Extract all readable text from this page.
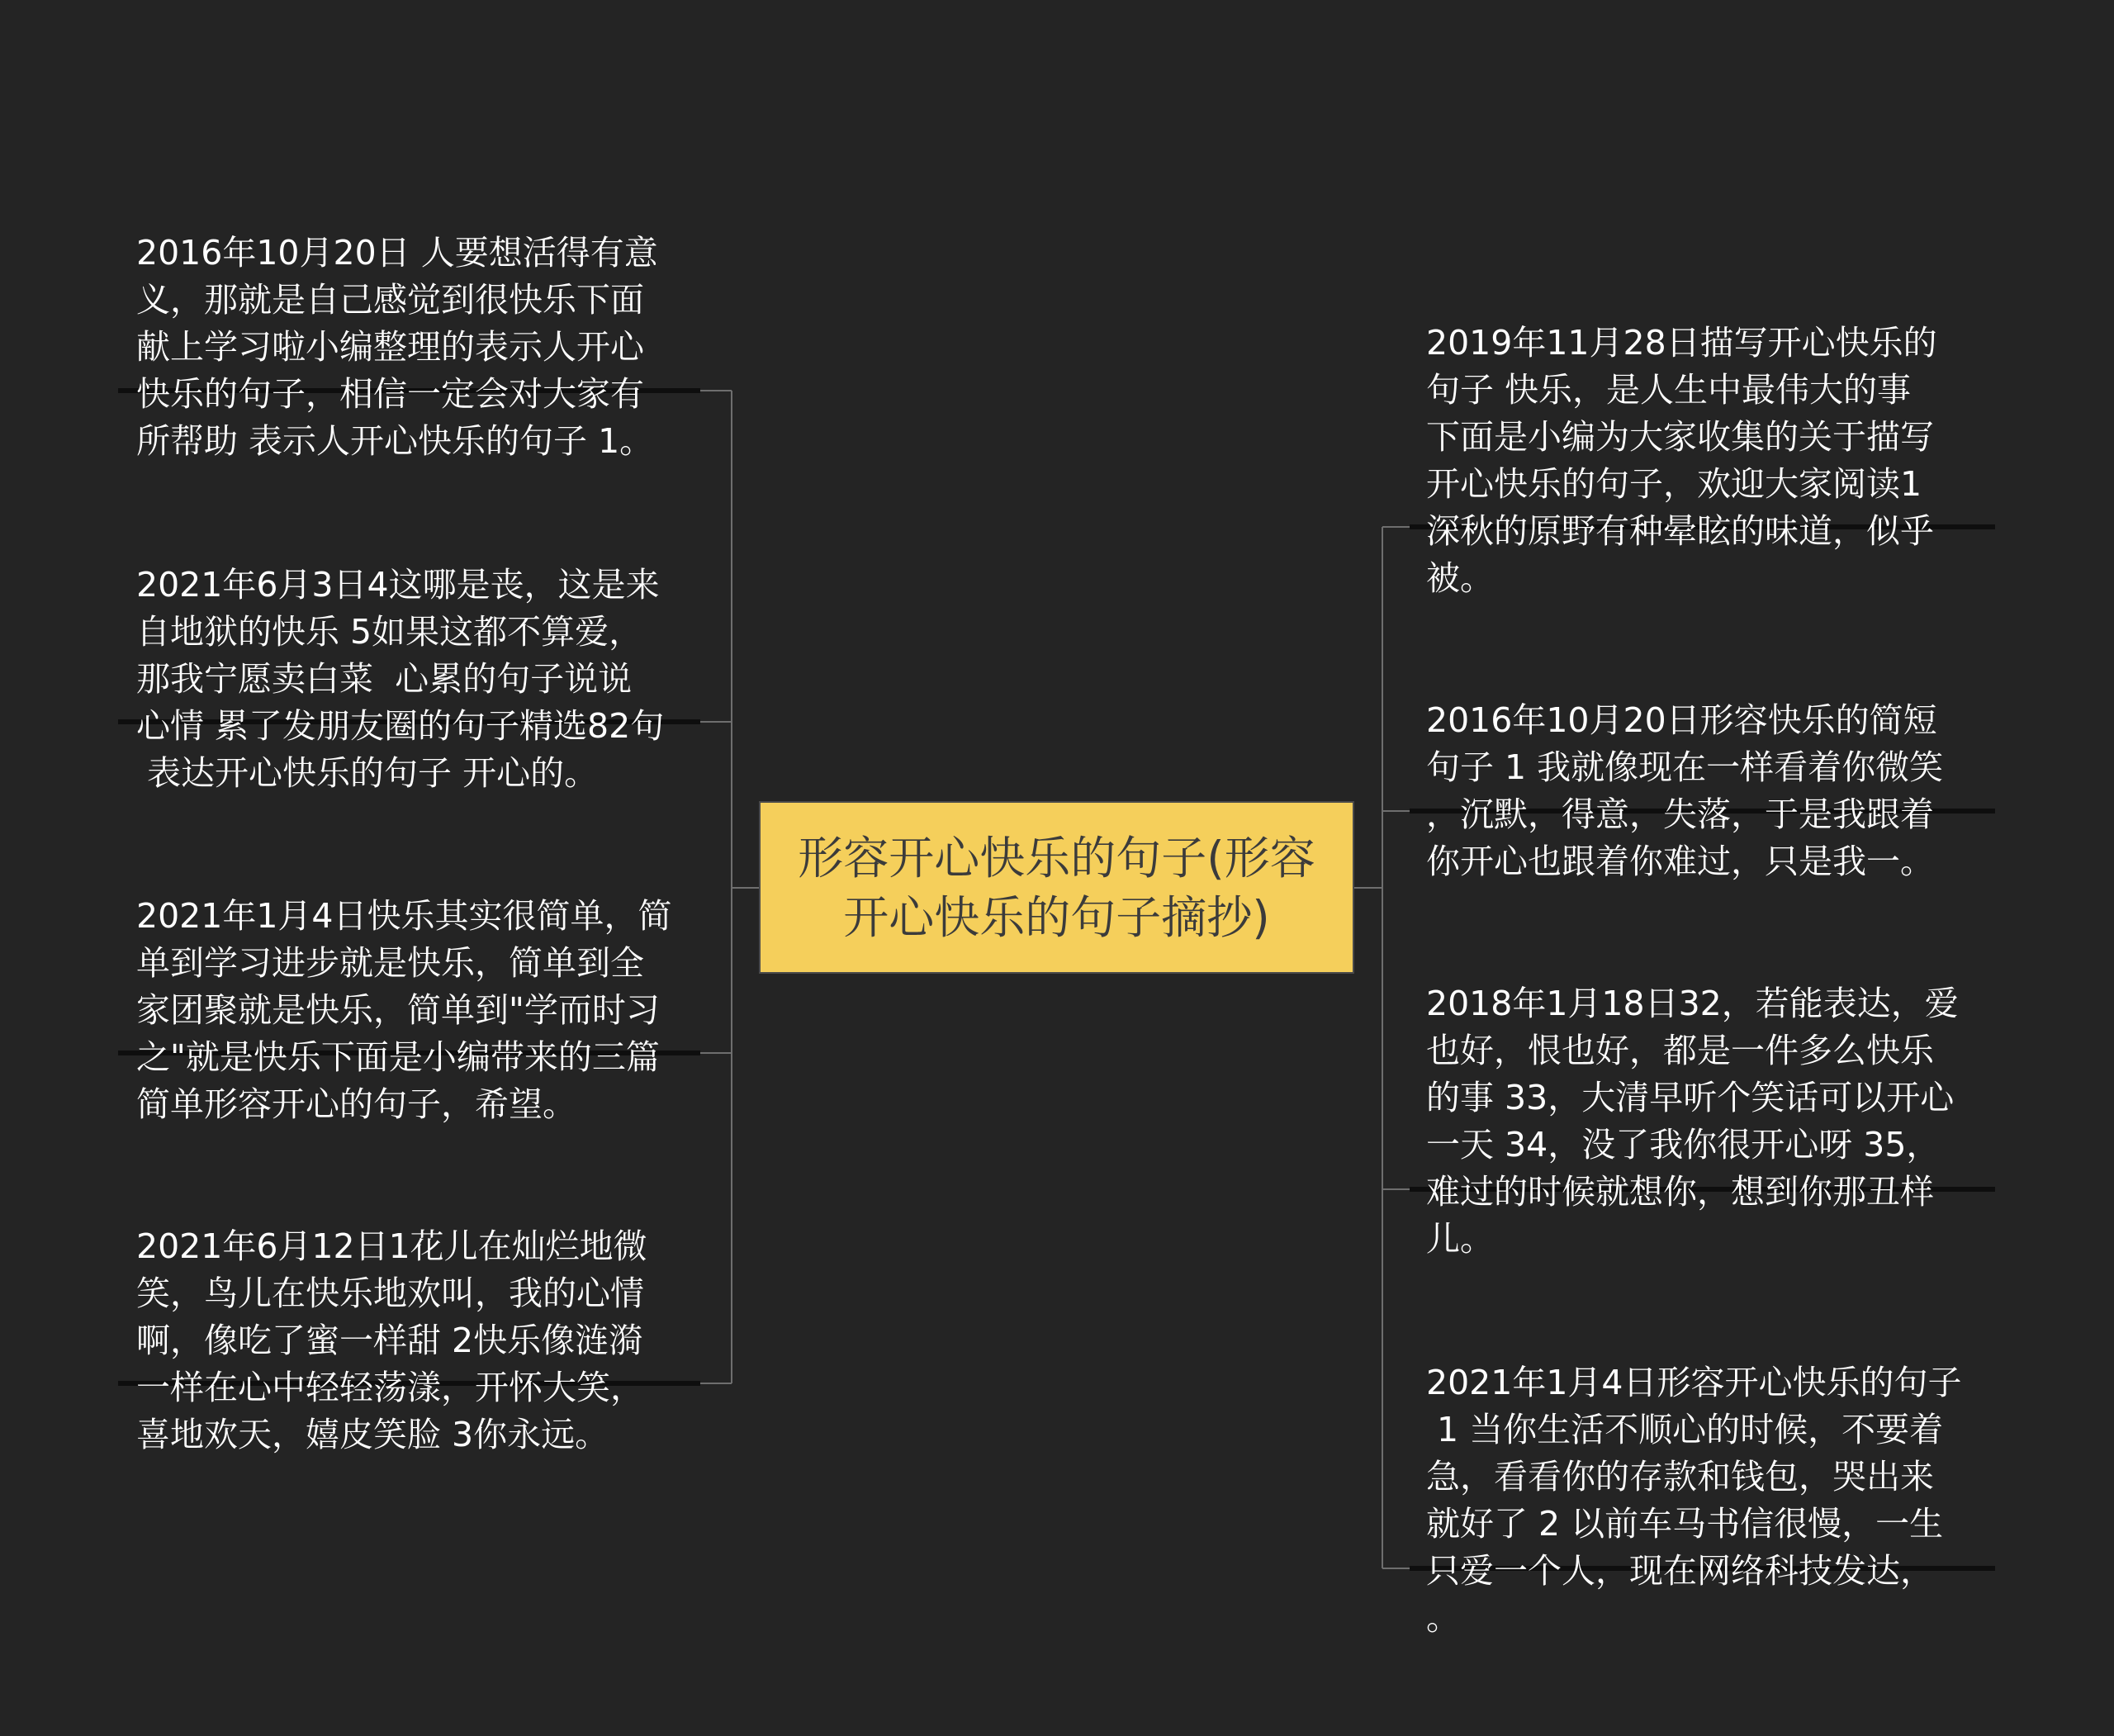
形容开心快乐的句子(形容开心快乐的句子摘抄)

2016年10月20日 人要想活得有意
义，那就是自己感觉到很快乐下面
献上学习啦小编整理的表示人开心
快乐的句子，相信一定会对大家有
所帮助 表示人开心快乐的句子 1。

2021年6月3日4这哪是丧，这是来
自地狱的快乐 5如果这都不算爱，
那我宁愿卖白菜  心累的句子说说
心情 累了发朋友圈的句子精选82句
表达开心快乐的句子 开心的。

2021年1月4日快乐其实很简单，简
单到学习进步就是快乐，简单到全
家团聚就是快乐，简单到"学而时习
之"就是快乐下面是小编带来的三篇
简单形容开心的句子，希望。

2021年6月12日1花儿在灿烂地微
笑，鸟儿在快乐地欢叫，我的心情
啊，像吃了蜜一样甜 2快乐像涟漪
一样在心中轻轻荡漾，开怀大笑，
喜地欢天，嬉皮笑脸 3你永远。

2019年11月28日描写开心快乐的
句子 快乐，是人生中最伟大的事
下面是小编为大家收集的关于描写
开心快乐的句子，欢迎大家阅读1
深秋的原野有种晕眩的味道，似乎
被。

2016年10月20日形容快乐的简短
句子 1 我就像现在一样看着你微笑
，沉默，得意，失落，于是我跟着
你开心也跟着你难过，只是我一。

2018年1月18日32，若能表达，爱
也好，恨也好，都是一件多么快乐
的事 33，大清早听个笑话可以开心
一天 34，没了我你很开心呀 35，
难过的时候就想你，想到你那丑样
儿。

2021年1月4日形容开心快乐的句子
1 当你生活不顺心的时候，不要着
急，看看你的存款和钱包，哭出来
就好了 2 以前车马书信很慢，一生
只爱一个人，现在网络科技发达，
。
